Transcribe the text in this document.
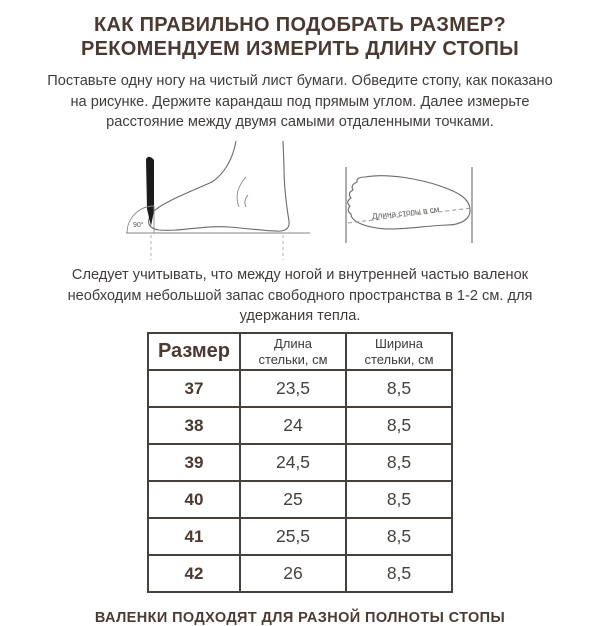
КАК ПРАВИЛЬНО ПОДОБРАТЬ РАЗМЕР?
РЕКОМЕНДУЕМ ИЗМЕРИТЬ ДЛИНУ СТОПЫ

Поставьте одну ногу на чистый лист бумаги. Обведите стопу, как показано на рисунке. Держите карандаш под прямым углом. Далее измерьте расстояние между двумя самыми отдаленными точками.

90°
Длина стопы в см

Следует учитывать, что между ногой и внутренней частью валенок необходим небольшой запас свободного пространства в 1-2 см. для удержания тепла.

Размер	Длина стельки, см	Ширина стельки, см
37	23,5	8,5
38	24	8,5
39	24,5	8,5
40	25	8,5
41	25,5	8,5
42	26	8,5

ВАЛЕНКИ ПОДХОДЯТ ДЛЯ РАЗНОЙ ПОЛНОТЫ СТОПЫ
